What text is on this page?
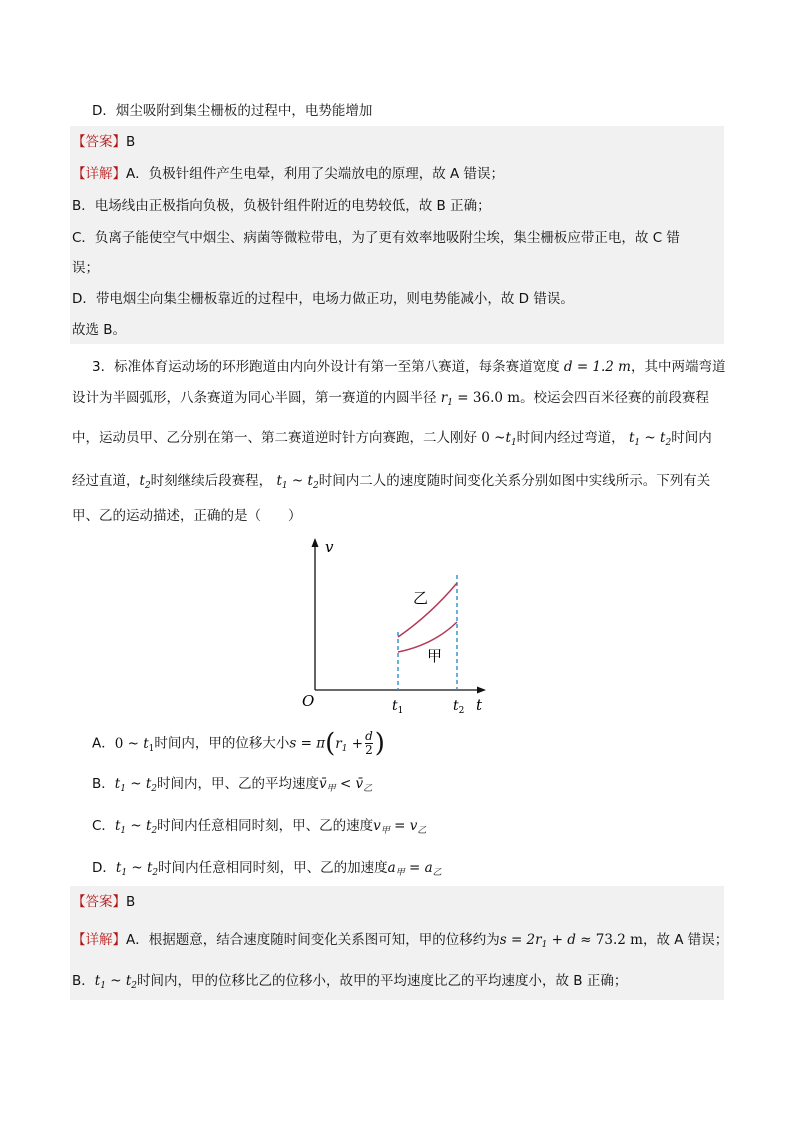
D．烟尘吸附到集尘栅板的过程中，电势能增加
【答案】B
【详解】A．负极针组件产生电晕，利用了尖端放电的原理，故 A 错误；
B．电场线由正极指向负极，负极针组件附近的电势较低，故 B 正确；
C．负离子能使空气中烟尘、病菌等微粒带电，为了更有效率地吸附尘埃，集尘栅板应带正电，故 C 错
误；
D．带电烟尘向集尘栅板靠近的过程中，电场力做正功，则电势能减小，故 D 错误。
故选 B。
3．标准体育运动场的环形跑道由内向外设计有第一至第八赛道，每条赛道宽度 d = 1.2 m，其中两端弯道
设计为半圆弧形，八条赛道为同心半圆，第一赛道的内圆半径 $r_1 = 36.0$ m。校运会四百米径赛的前段赛程
中，运动员甲、乙分别在第一、第二赛道逆时针方向赛跑，二人刚好 0 $\sim t_1$时间内经过弯道， $t_1$ ~ $t_2$时间内
经过直道，$t_2$时刻继续后段赛程， $t_1$ ~ $t_2$时间内二人的速度随时间变化关系分别如图中实线所示。下列有关
甲、乙的运动描述，正确的是（　　）
v
t
O
乙
甲
$t_1$	$t_2$
A．0 ~ $t_1$时间内，甲的位移大小$s = \pi(r_1 + \frac{d}{2}$ )
B．$t_1$ ~ $t_2$时间内，甲、乙的平均速度$v̄_甲$ < $v̄_乙$
C．$t_1$ ~ $t_2$时间内任意相同时刻，甲、乙的速度$v_甲 = v_乙$
D．$t_1$ ~ $t_2$时间内任意相同时刻，甲、乙的加速度$a_甲 = a_乙$
【答案】B
【详解】A．根据题意，结合速度随时间变化关系图可知，甲的位移约为$s = 2r_1 + d \approx 73.2$ m，故 A 错误；
B．$t_1$ ~ $t_2$时间内，甲的位移比乙的位移小，故甲的平均速度比乙的平均速度小，故 B 正确；
